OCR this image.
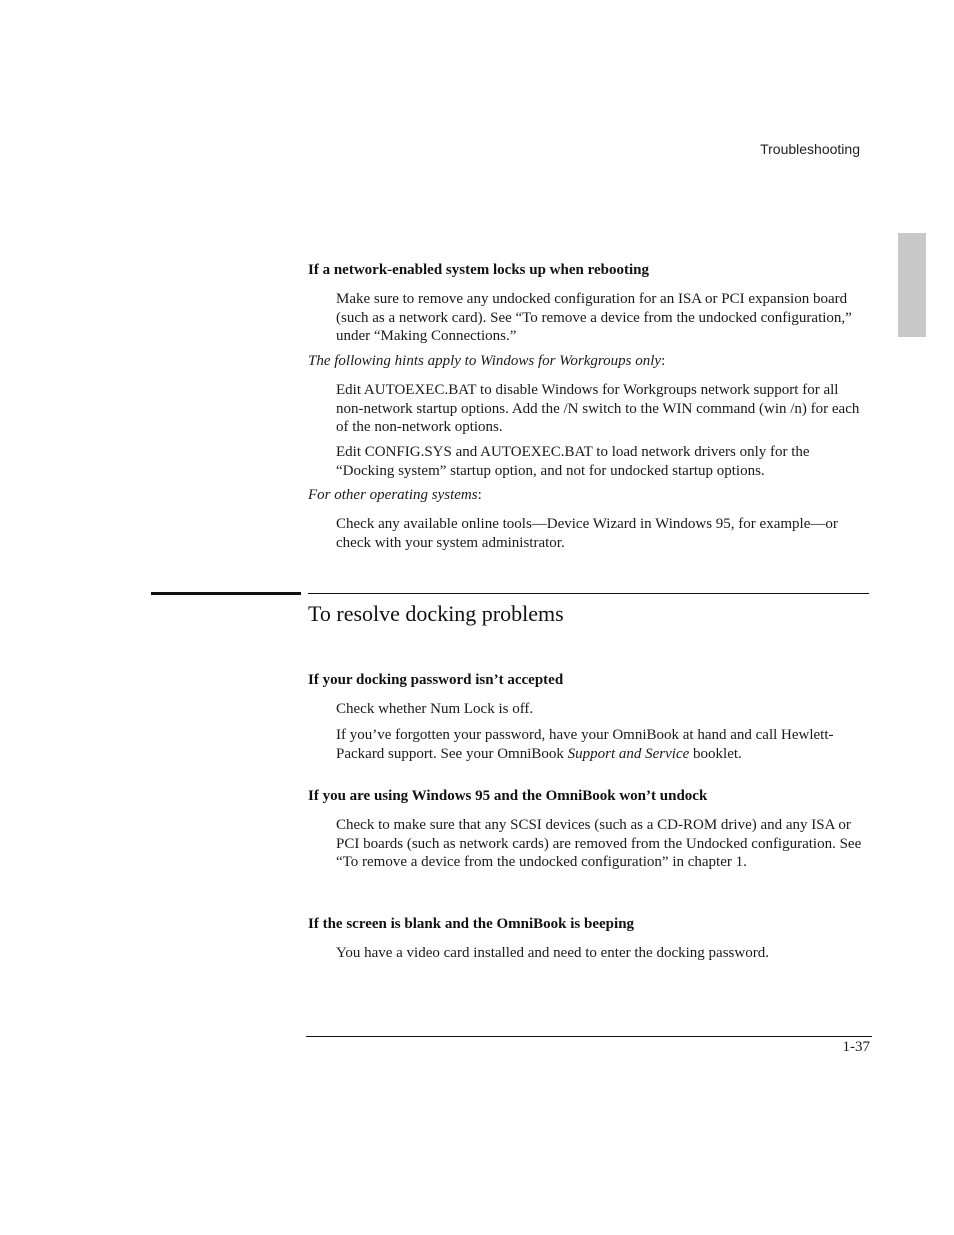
Troubleshooting
If a network-enabled system locks up when rebooting

Make sure to remove any undocked configuration for an ISA or PCI expansion board (such as a network card). See “To remove a device from the undocked configuration,” under “Making Connections.”

The following hints apply to Windows for Workgroups only:

Edit AUTOEXEC.BAT to disable Windows for Workgroups network support for all non-network startup options. Add the /N switch to the WIN command (win /n) for each of the non-network options.

Edit CONFIG.SYS and AUTOEXEC.BAT to load network drivers only for the “Docking system” startup option, and not for undocked startup options.

For other operating systems:

Check any available online tools—Device Wizard in Windows 95, for example—or check with your system administrator.

To resolve docking problems
If your docking password isn’t accepted

Check whether Num Lock is off.

If you’ve forgotten your password, have your OmniBook at hand and call Hewlett-Packard support. See your OmniBook Support and Service booklet.

If you are using Windows 95 and the OmniBook won’t undock

Check to make sure that any SCSI devices (such as a CD-ROM drive) and any ISA or PCI boards (such as network cards) are removed from the Undocked configuration. See “To remove a device from the undocked configuration” in chapter 1.

If the screen is blank and the OmniBook is beeping

You have a video card installed and need to enter the docking password.

1-37
